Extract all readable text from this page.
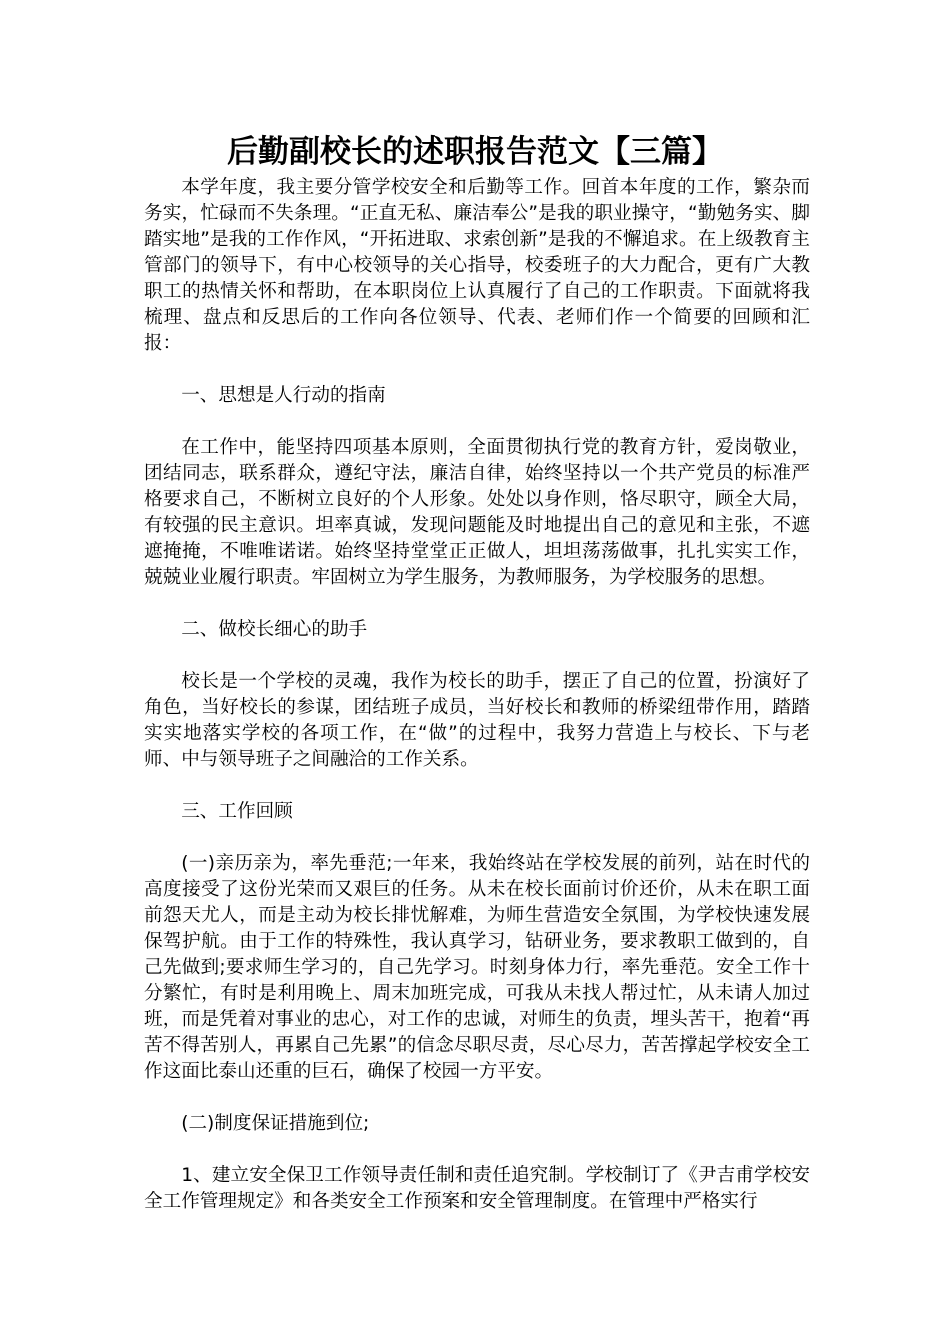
后勤副校长的述职报告范文【三篇】

本学年度，我主要分管学校安全和后勤等工作。回首本年度的工作，繁杂而务实，忙碌而不失条理。“正直无私、廉洁奉公”是我的职业操守，“勤勉务实、脚踏实地”是我的工作作风，“开拓进取、求索创新”是我的不懈追求。在上级教育主管部门的领导下，有中心校领导的关心指导，校委班子的大力配合，更有广大教职工的热情关怀和帮助，在本职岗位上认真履行了自己的工作职责。下面就将我梳理、盘点和反思后的工作向各位领导、代表、老师们作一个简要的回顾和汇报：

一、思想是人行动的指南

在工作中，能坚持四项基本原则，全面贯彻执行党的教育方针，爱岗敬业，团结同志，联系群众，遵纪守法，廉洁自律，始终坚持以一个共产党员的标准严格要求自己，不断树立良好的个人形象。处处以身作则，恪尽职守，顾全大局，有较强的民主意识。坦率真诚，发现问题能及时地提出自己的意见和主张，不遮遮掩掩，不唯唯诺诺。始终坚持堂堂正正做人，坦坦荡荡做事，扎扎实实工作，兢兢业业履行职责。牢固树立为学生服务，为教师服务，为学校服务的思想。

二、做校长细心的助手

校长是一个学校的灵魂，我作为校长的助手，摆正了自己的位置，扮演好了角色，当好校长的参谋，团结班子成员，当好校长和教师的桥梁纽带作用，踏踏实实地落实学校的各项工作，在“做”的过程中，我努力营造上与校长、下与老师、中与领导班子之间融洽的工作关系。

三、工作回顾

(一)亲历亲为，率先垂范;一年来，我始终站在学校发展的前列，站在时代的高度接受了这份光荣而又艰巨的任务。从未在校长面前讨价还价，从未在职工面前怨天尤人，而是主动为校长排忧解难，为师生营造安全氛围，为学校快速发展保驾护航。由于工作的特殊性，我认真学习，钻研业务，要求教职工做到的，自己先做到;要求师生学习的，自己先学习。时刻身体力行，率先垂范。安全工作十分繁忙，有时是利用晚上、周末加班完成，可我从未找人帮过忙，从未请人加过班，而是凭着对事业的忠心，对工作的忠诚，对师生的负责，埋头苦干，抱着“再苦不得苦别人，再累自己先累”的信念尽职尽责，尽心尽力，苦苦撑起学校安全工作这面比泰山还重的巨石，确保了校园一方平安。

(二)制度保证措施到位;

1、建立安全保卫工作领导责任制和责任追究制。学校制订了《尹吉甫学校安全工作管理规定》和各类安全工作预案和安全管理制度。在管理中严格实行
